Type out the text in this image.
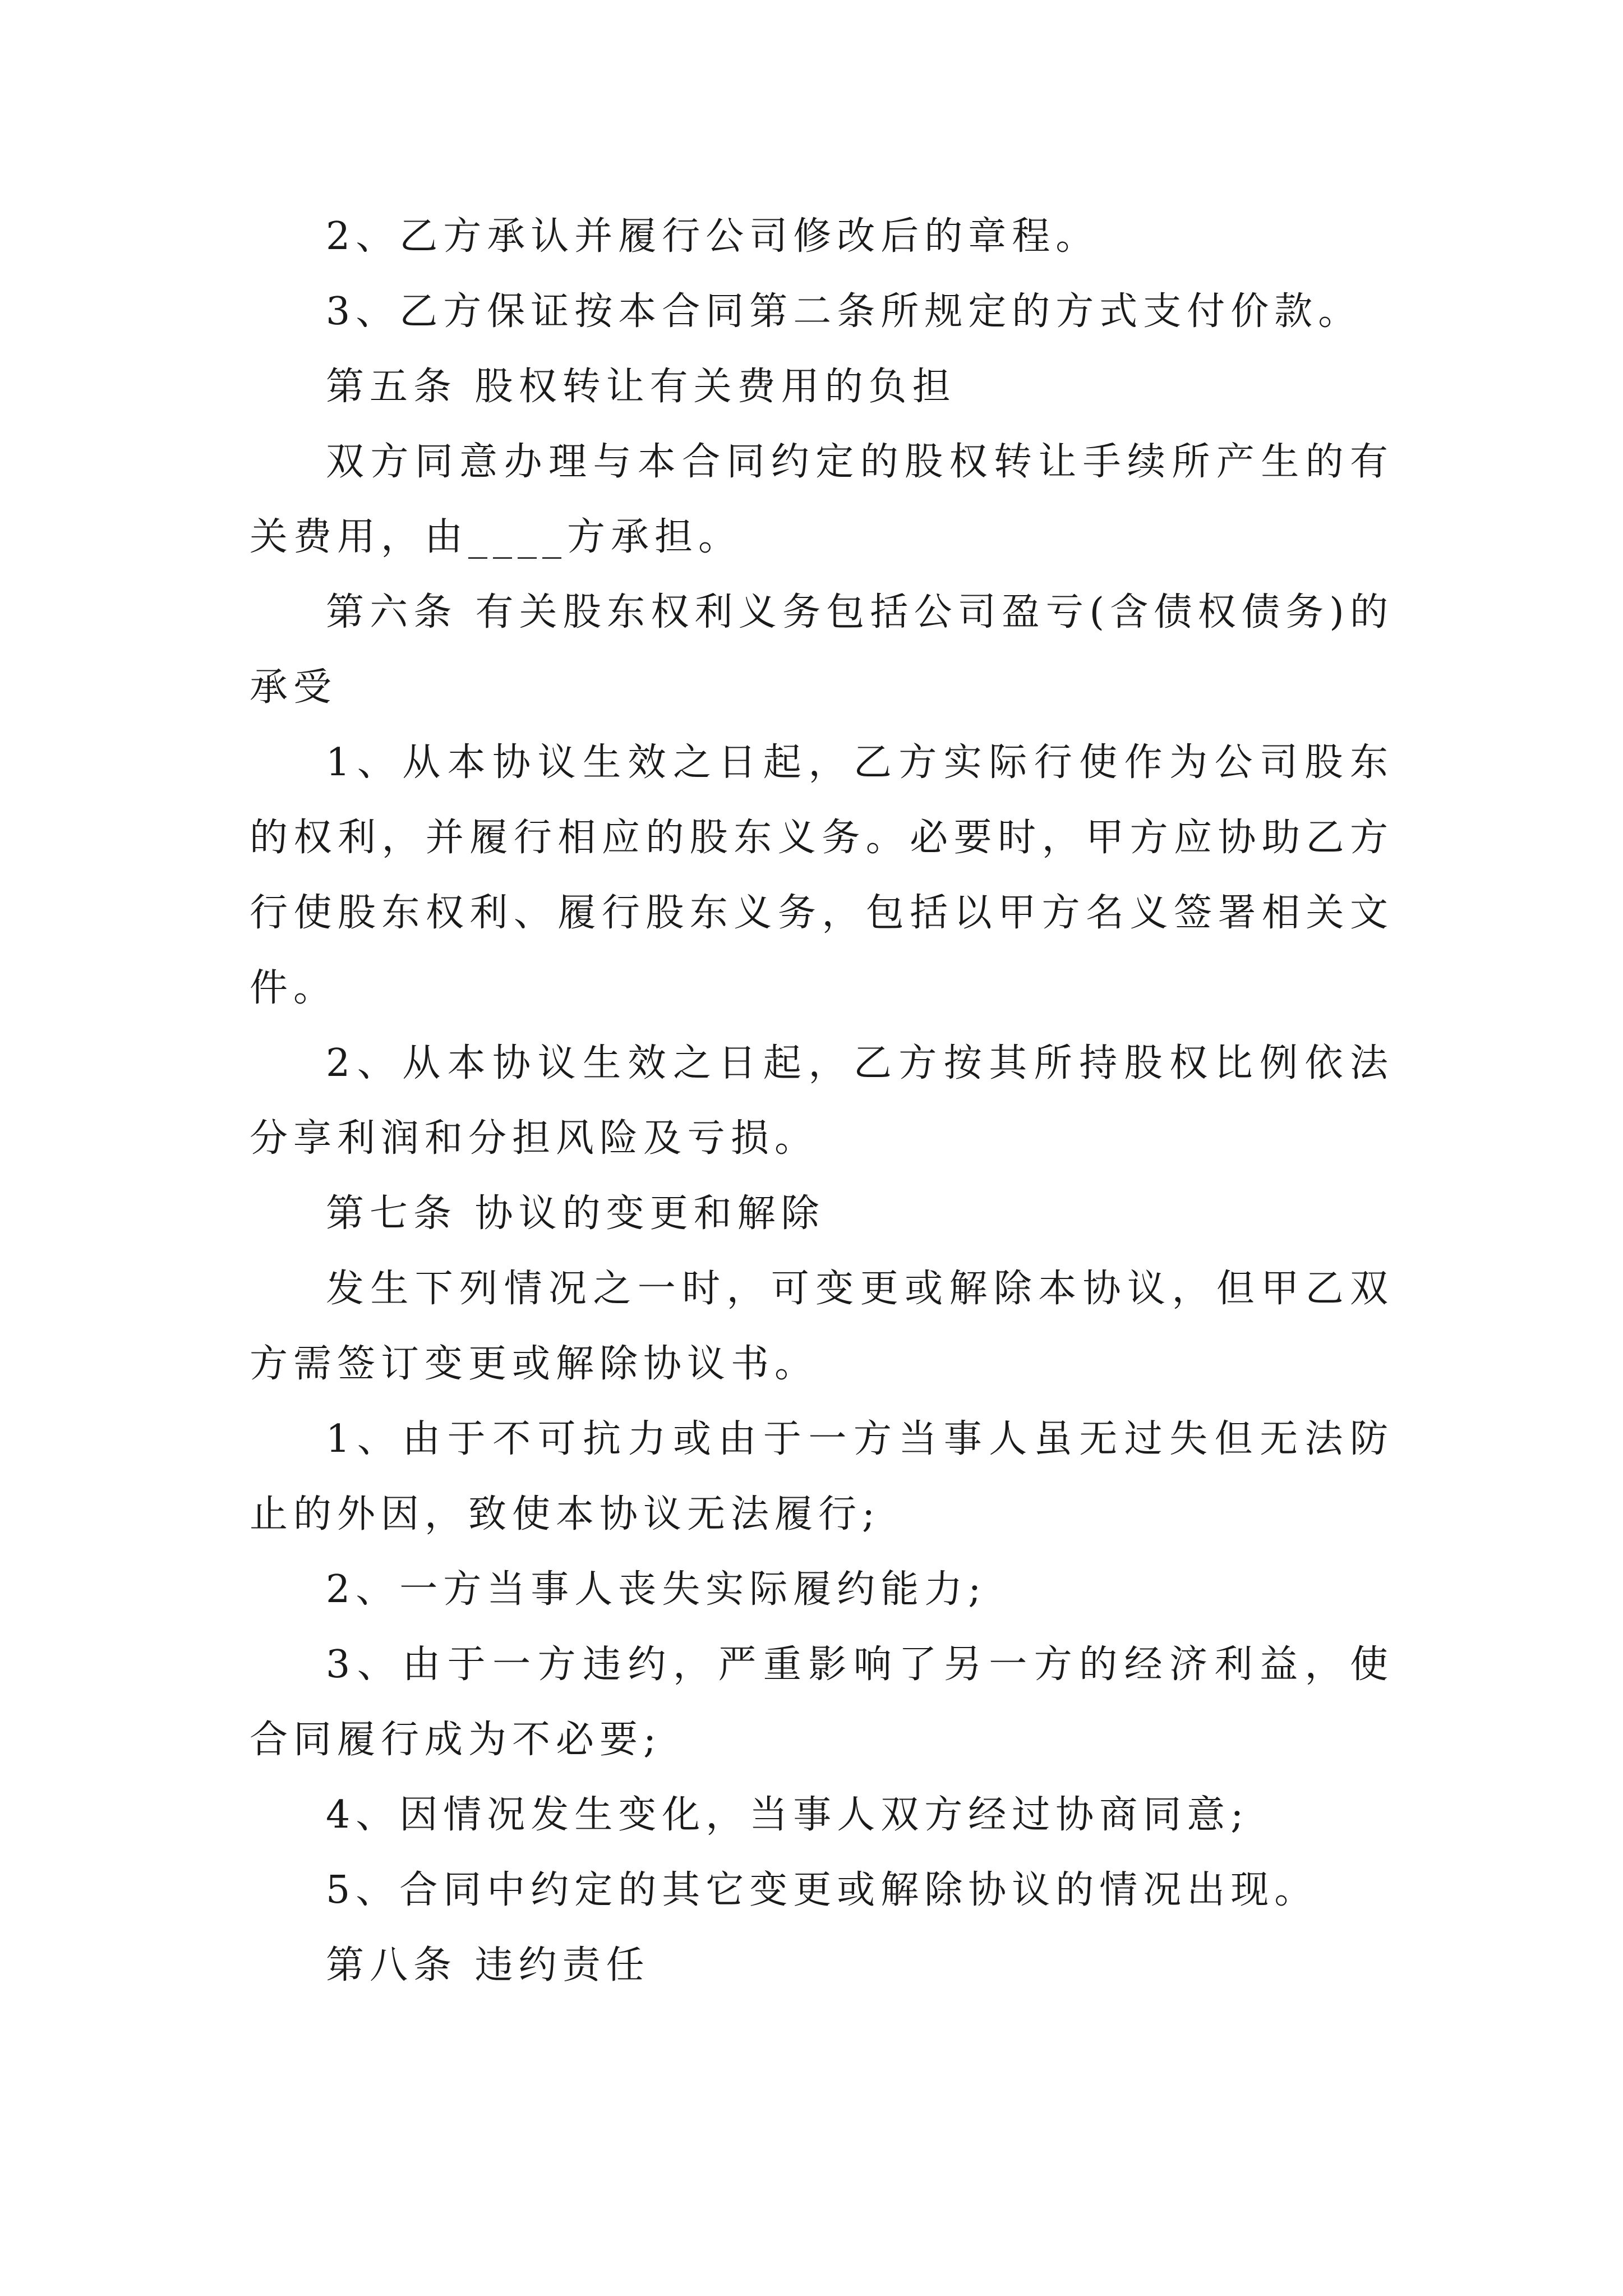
2、乙方承认并履行公司修改后的章程。

3、乙方保证按本合同第二条所规定的方式支付价款。

第五条 股权转让有关费用的负担

双方同意办理与本合同约定的股权转让手续所产生的有关费用，由____方承担。

第六条 有关股东权利义务包括公司盈亏(含债权债务)的承受

1、从本协议生效之日起，乙方实际行使作为公司股东的权利，并履行相应的股东义务。必要时，甲方应协助乙方行使股东权利、履行股东义务，包括以甲方名义签署相关文件。

2、从本协议生效之日起，乙方按其所持股权比例依法分享利润和分担风险及亏损。

第七条 协议的变更和解除

发生下列情况之一时，可变更或解除本协议，但甲乙双方需签订变更或解除协议书。

1、由于不可抗力或由于一方当事人虽无过失但无法防止的外因，致使本协议无法履行;

2、一方当事人丧失实际履约能力;

3、由于一方违约，严重影响了另一方的经济利益，使合同履行成为不必要;

4、因情况发生变化，当事人双方经过协商同意;

5、合同中约定的其它变更或解除协议的情况出现。

第八条 违约责任
